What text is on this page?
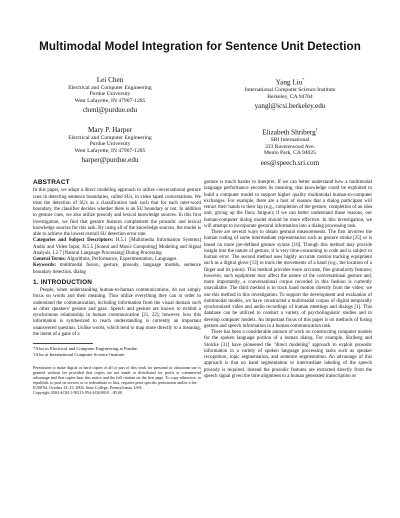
Multimodal Model Integration for Sentence Unit Detection
Lei Chen
Electrical and Computer Engineering
Purdue University
West Lafayette, IN 47907-1285
chenl@purdue.edu
Yang Liu*
International Computer Science Institute
Berkeley, CA 94704
yangl@icsi.berkeley.edu
Mary P. Harper
Electrical and Computer Engineering
Purdue University
West Lafayette, IN 47907-1285
harper@purdue.edu
Elizabeth Shriberg†
SRI International
333 Ravenswood Ave.
Menlo Park, CA 94025
ees@speech.sri.com
ABSTRACT

In this paper, we adopt a direct modeling approach to utilize conversational gesture cues in detecting sentence boundaries, called SUs, in video taped conversations. We treat the detection of SUs as a classification task such that for each inter-word boundary, the classifier decides whether there is an SU boundary or not. In addition to gesture cues, we also utilize prosody and lexical knowledge sources. In this first investigation, we find that gesture features complement the prosodic and lexical knowledge sources for this task. By using all of the knowledge sources, the model is able to achieve the lowest overall SU detection error rate.

Categories and Subject Descriptors: H.5.1 [Multimedia Information Systems] Audio and Video Input, H.5.5 [Sound and Music Computing] Modeling and Signal Analysis, I.2.7 [Natural Language Processing] Dialog Processing

General Terms: Algorithms, Performance, Experimentation, Languages

Keywords: multimodal fusion, gesture, prosody, language models, sentence boundary detection, dialog

1. INTRODUCTION

People, when understanding human-to-human communications, do not simply focus on words and their meaning. Thus utilize everything they can in order to understand the communication, including information from the visual domain such as other speakers' gesture and gaze. Speech and gesture are known to exhibit a synchronous relationship in human communication [21, 22]; however, how this information is synthesized to reach understanding is currently an important unanswered question. Unlike words, which tend to map more directly to a meaning, the intent of a gane of a

*Also in Electrical and Computer Engineering at Purdue.
†Also at International Computer Science Institute.
Permission to make digital or hard copies of all or part of this work for personal or classroom use is granted without fee provided that copies are not made or distributed for profit or commercial advantage and that copies bear this notice and the full citation on the first page. To copy otherwise, to republish, to post on servers or to redistribute to lists, requires prior specific permission and/or a fee.
ICMI'04, October 13–15, 2004, State College, Pennsylvania, USA.
Copyright 2004 ACM 1-58113-954-3/04/0010 ...$5.00.

gesture is much harder to interpret. If we can better understand how a multimodal language performance encodes its meaning, that knowledge could be exploited to build a computer model to support higher quality multimodal human-to-computer exchanges. For example, there are a host of reasons that a dialog participant will retract their hands to their lap (e.g., completion of the gesture, completion of an idea unit, giving up the floor, fatigue); if we can better understand those reasons, our human-computer dialog model should be more effective. In this investigation, we will attempt to incorporate gestural information into a dialog processing task.

There are several ways to obtain gestural measurements. The first involves the human coding of some intermediate representation such as gesture stroke [25] or is based on more pre-defined gesture syntax [10]. Though this method may provide insight into the nature of gesture, it is very time-consuming to code and is subject to human error. The second method uses highly accurate motion tracking equipment such as a digital glove [13] to track the movements of a hand (e.g., the location of a finger and its joints). This method provides more accurate, fine granularity features; however, such equipment may affect the nature of the conversational gesture and, more importantly, a conversational corpus recorded in this fashion is currently unavailable. The third method is to track hand motion directly from the video; we use this method in this investigation. To support the development and evaluation of multimodal models, we have constructed a multimodal corpus of digital temporally synchronized video and audio recordings of human meetings and dialogs [1]. This database can be utilized to conduct a variety of psycholinguistic studies and to develop computer models. An important focus of this paper is on methods of fusing gesture and speech information in a human communication task.

There has been a considerable amount of work on constructing computer models for the spoken language portion of a human dialog. For example, Shriberg and Stolcke [31] have pioneered the "direct modeling" approach to exploit prosodic information in a variety of spoken language processing tasks such as speaker recognition, topic segmentation, and sentence segmentation. An advantage of this approach is that no hand segmentation or intermediate labeling of the speech prosody is required. Instead the prosodic features are extracted directly from the speech signal given the time alignment to a human generated transcription or
